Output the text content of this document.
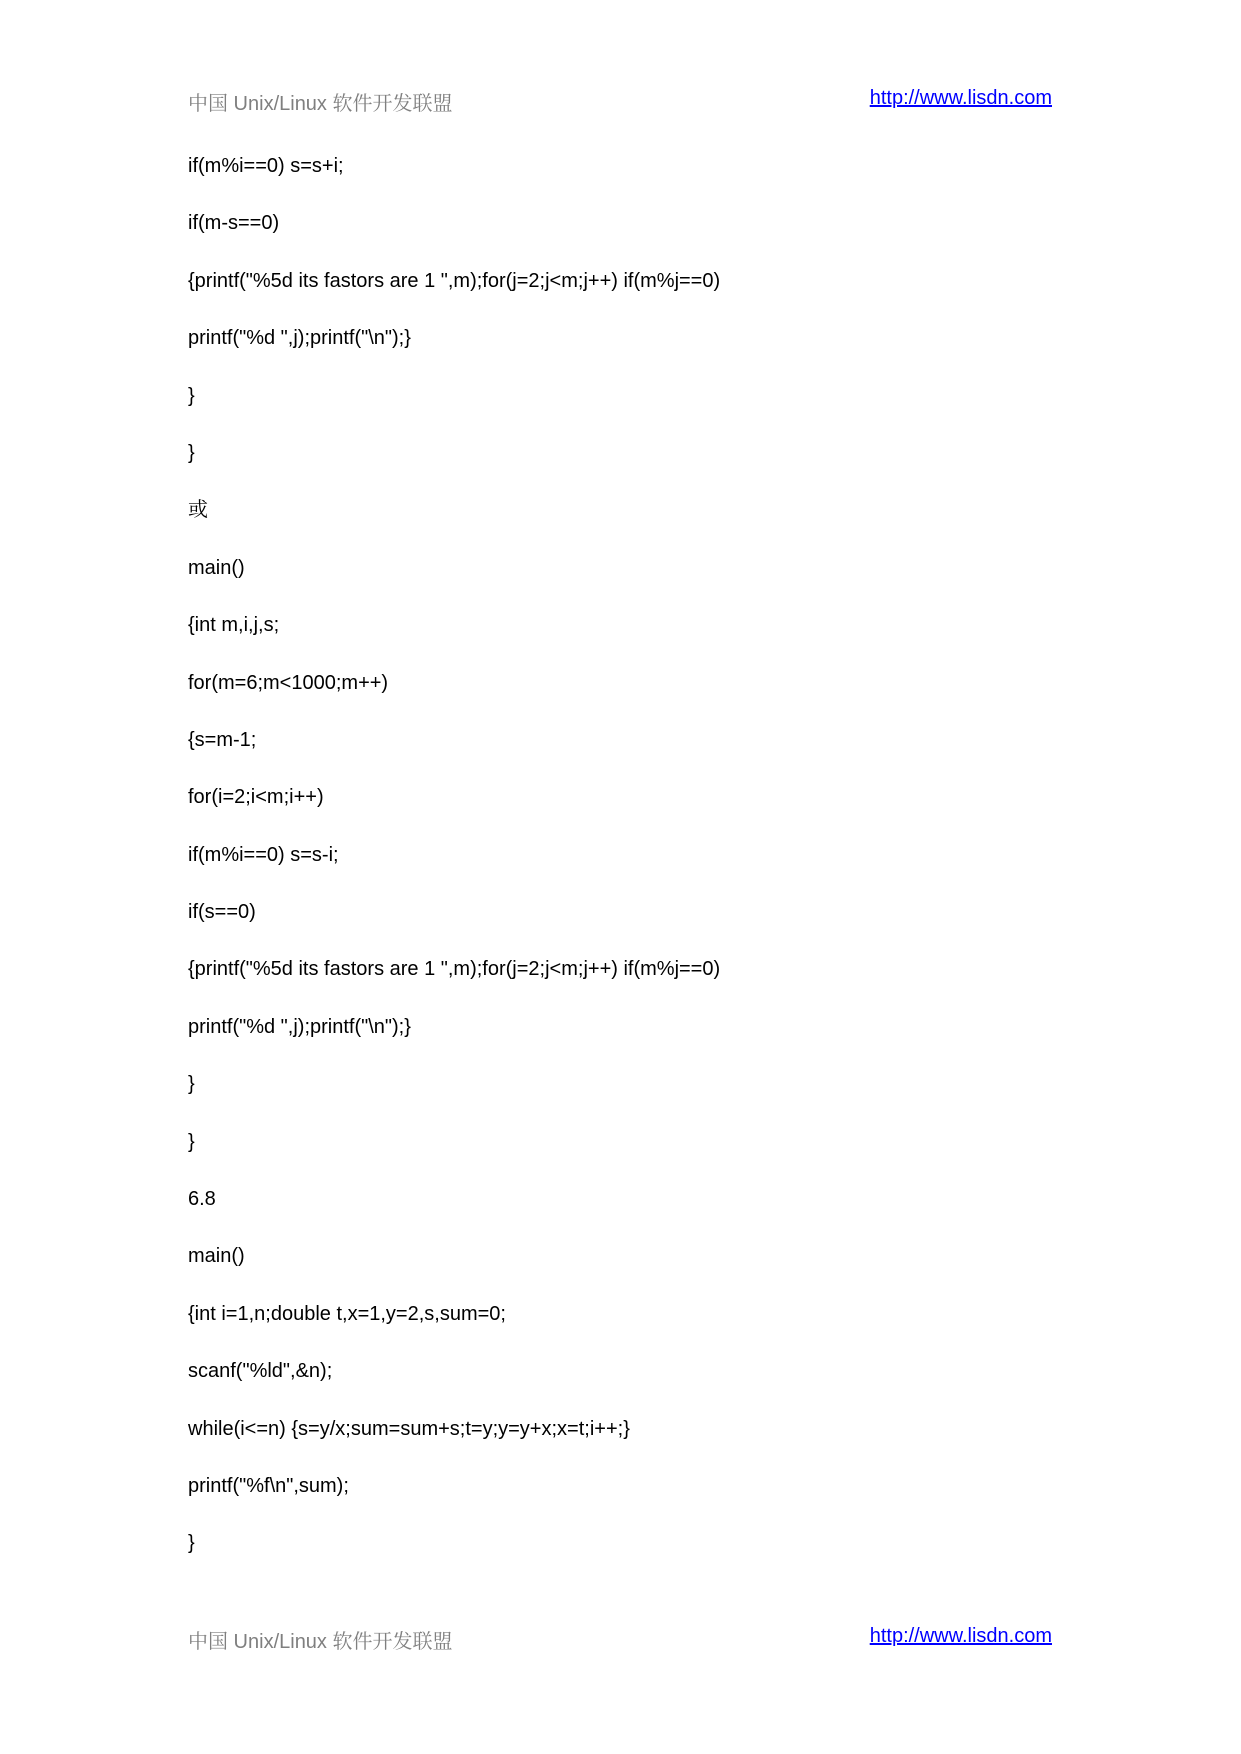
中国 Unix/Linux 软件开发联盟	http://www.lisdn.com
if(m%i==0) s=s+i;
if(m-s==0)
{printf("%5d its fastors are 1 ",m);for(j=2;j<m;j++) if(m%j==0)
printf("%d ",j);printf("\n");}
}
}
或
main()
{int m,i,j,s;
for(m=6;m<1000;m++)
{s=m-1;
for(i=2;i<m;i++)
if(m%i==0) s=s-i;
if(s==0)
{printf("%5d its fastors are 1 ",m);for(j=2;j<m;j++) if(m%j==0)
printf("%d ",j);printf("\n");}
}
}
6.8
main()
{int i=1,n;double t,x=1,y=2,s,sum=0;
scanf("%ld",&n);
while(i<=n) {s=y/x;sum=sum+s;t=y;y=y+x;x=t;i++;}
printf("%f\n",sum);
}
中国 Unix/Linux 软件开发联盟	http://www.lisdn.com
